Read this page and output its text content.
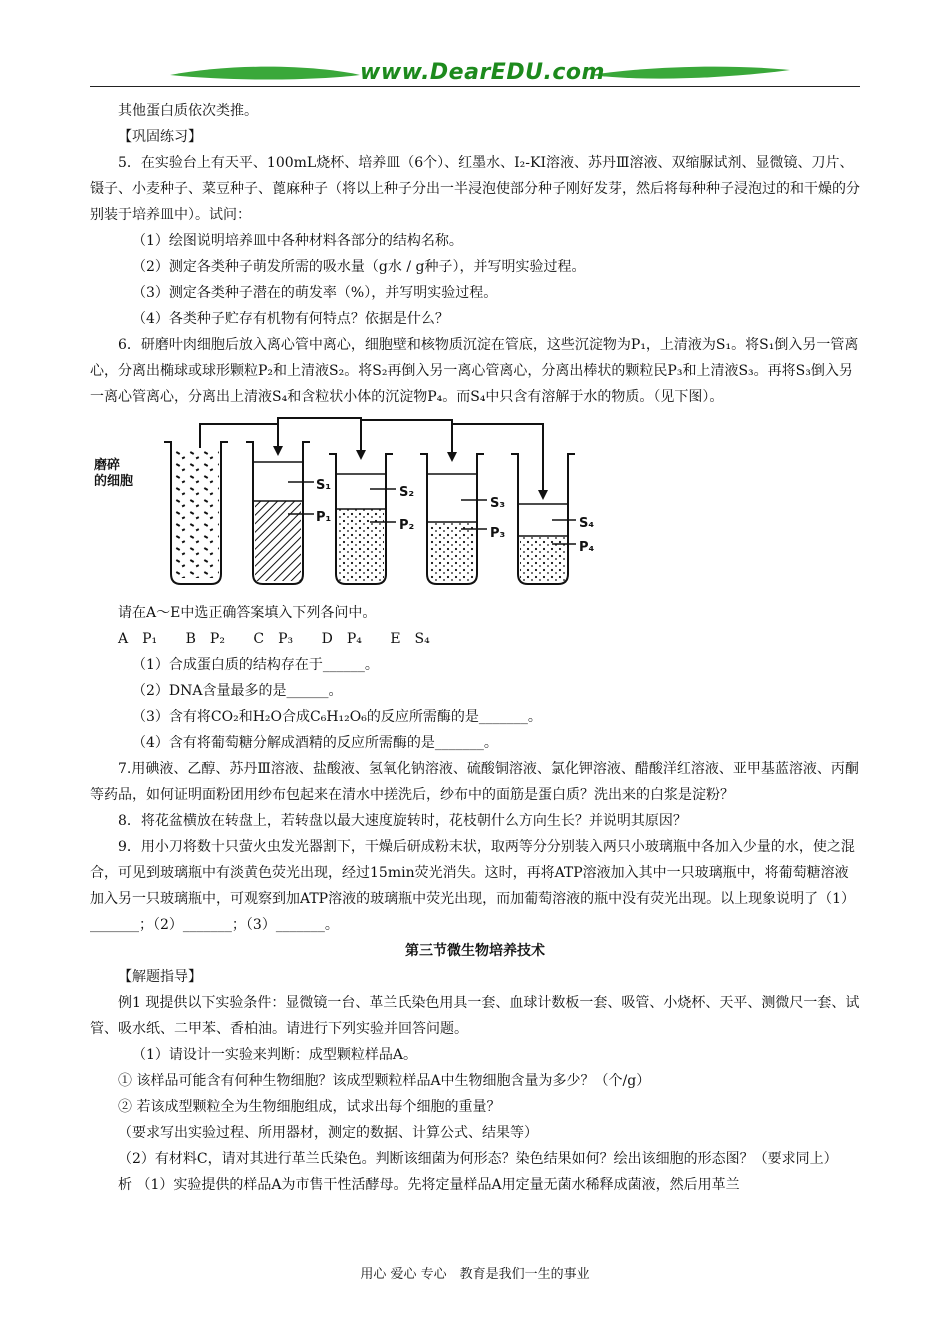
www.DearEDU.com

其他蛋白质依次类推。

【巩固练习】

5．在实验台上有天平、100mL烧杯、培养皿（6个）、红墨水、I₂-KI溶液、苏丹Ⅲ溶液、双缩脲试剂、显微镜、刀片、镊子、小麦种子、菜豆种子、蓖麻种子（将以上种子分出一半浸泡使部分种子刚好发芽，然后将每种种子浸泡过的和干燥的分别装于培养皿中）。试问：

（1）绘图说明培养皿中各种材料各部分的结构名称。

（2）测定各类种子萌发所需的吸水量（g水 / g种子），并写明实验过程。

（3）测定各类种子潜在的萌发率（%），并写明实验过程。

（4）各类种子贮存有机物有何特点？依据是什么？

6．研磨叶肉细胞后放入离心管中离心，细胞壁和核物质沉淀在管底，这些沉淀物为P₁，上清液为S₁。将S₁倒入另一管离心，分离出椭球或球形颗粒P₂和上清液S₂。将S₂再倒入另一离心管离心，分离出棒状的颗粒民P₃和上清液S₃。再将S₃倒入另一离心管离心，分离出上清液S₄和含粒状小体的沉淀物P₄。而S₄中只含有溶解于水的物质。（见下图）。

磨碎
的细胞	S₁
P₁
S₂
P₂
S₃
P₃
S₄
P₄

请在A～E中选正确答案填入下列各问中。

A　P₁ B　P₂ C　P₃ D　P₄ E　S₄

（1）合成蛋白质的结构存在于______。

（2）DNA含量最多的是______。

（3）含有将CO₂和H₂O合成C₆H₁₂O₆的反应所需酶的是_______。

（4）含有将葡萄糖分解成酒精的反应所需酶的是_______。

7.用碘液、乙醇、苏丹Ⅲ溶液、盐酸液、氢氧化钠溶液、硫酸铜溶液、氯化钾溶液、醋酸洋红溶液、亚甲基蓝溶液、丙酮等药品，如何证明面粉团用纱布包起来在清水中搓洗后，纱布中的面筋是蛋白质？洗出来的白浆是淀粉？

8．将花盆横放在转盘上，若转盘以最大速度旋转时，花枝朝什么方向生长？并说明其原因？

9．用小刀将数十只萤火虫发光器割下，干燥后研成粉末状，取两等分分别装入两只小玻璃瓶中各加入少量的水，使之混合，可见到玻璃瓶中有淡黄色荧光出现，经过15min荧光消失。这时，再将ATP溶液加入其中一只玻璃瓶中，将葡萄糖溶液加入另一只玻璃瓶中，可观察到加ATP溶液的玻璃瓶中荧光出现，而加葡萄溶液的瓶中没有荧光出现。以上现象说明了（1）_______；（2）_______；（3）_______。

第三节微生物培养技术

【解题指导】

例1 现提供以下实验条件：显微镜一台、革兰氏染色用具一套、血球计数板一套、吸管、小烧杯、天平、测微尺一套、试管、吸水纸、二甲苯、香柏油。请进行下列实验并回答问题。

（1）请设计一实验来判断：成型颗粒样品A。

① 该样品可能含有何种生物细胞？该成型颗粒样品A中生物细胞含量为多少？（个/g）

② 若该成型颗粒全为生物细胞组成，试求出每个细胞的重量？

（要求写出实验过程、所用器材，测定的数据、计算公式、结果等）

（2）有材料C，请对其进行革兰氏染色。判断该细菌为何形态？染色结果如何？绘出该细胞的形态图？（要求同上）

析 （1）实验提供的样品A为市售干性活酵母。先将定量样品A用定量无菌水稀释成菌液，然后用革兰

用心 爱心 专心　教育是我们一生的事业
